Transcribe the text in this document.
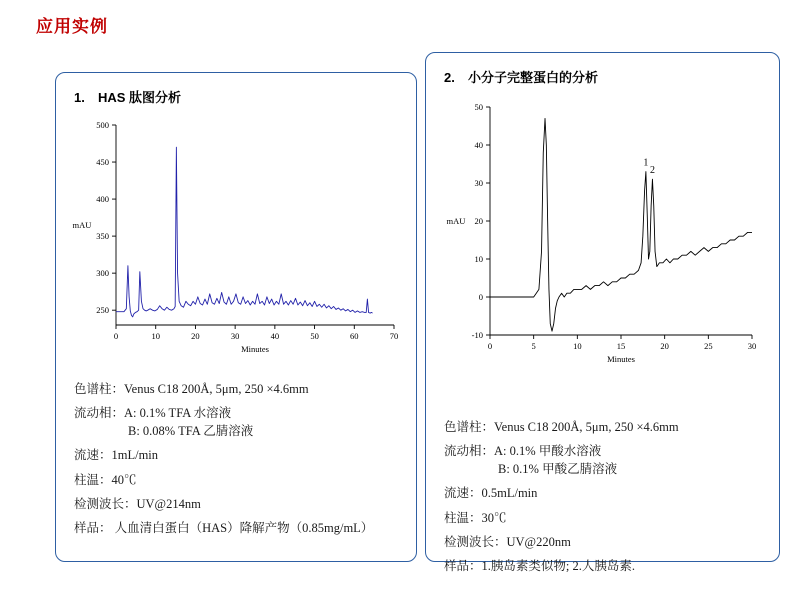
应用实例
1. HAS 肽图分析
0	10	20	30	40	50	60	70
250
300
350
400
450
500
Minutes
mAU
色谱柱：Venus C18 200Å, 5μm, 250 ×4.6mm
流动相：A: 0.1% TFA 水溶液
B: 0.08% TFA 乙腈溶液
流速：1mL/min
柱温：40℃
检测波长：UV@214nm
样品： 人血清白蛋白（HAS）降解产物（0.85mg/mL）
2. 小分子完整蛋白的分析
0	5	10	15	20	25	30
-10
0
10
20
30
40
50
Minutes
mAU
1
2
色谱柱：Venus C18 200Å, 5μm, 250 ×4.6mm
流动相：A: 0.1% 甲酸水溶液
B: 0.1% 甲酸乙腈溶液
流速：0.5mL/min
柱温：30℃
检测波长：UV@220nm
样品：1.胰岛素类似物; 2.人胰岛素.
